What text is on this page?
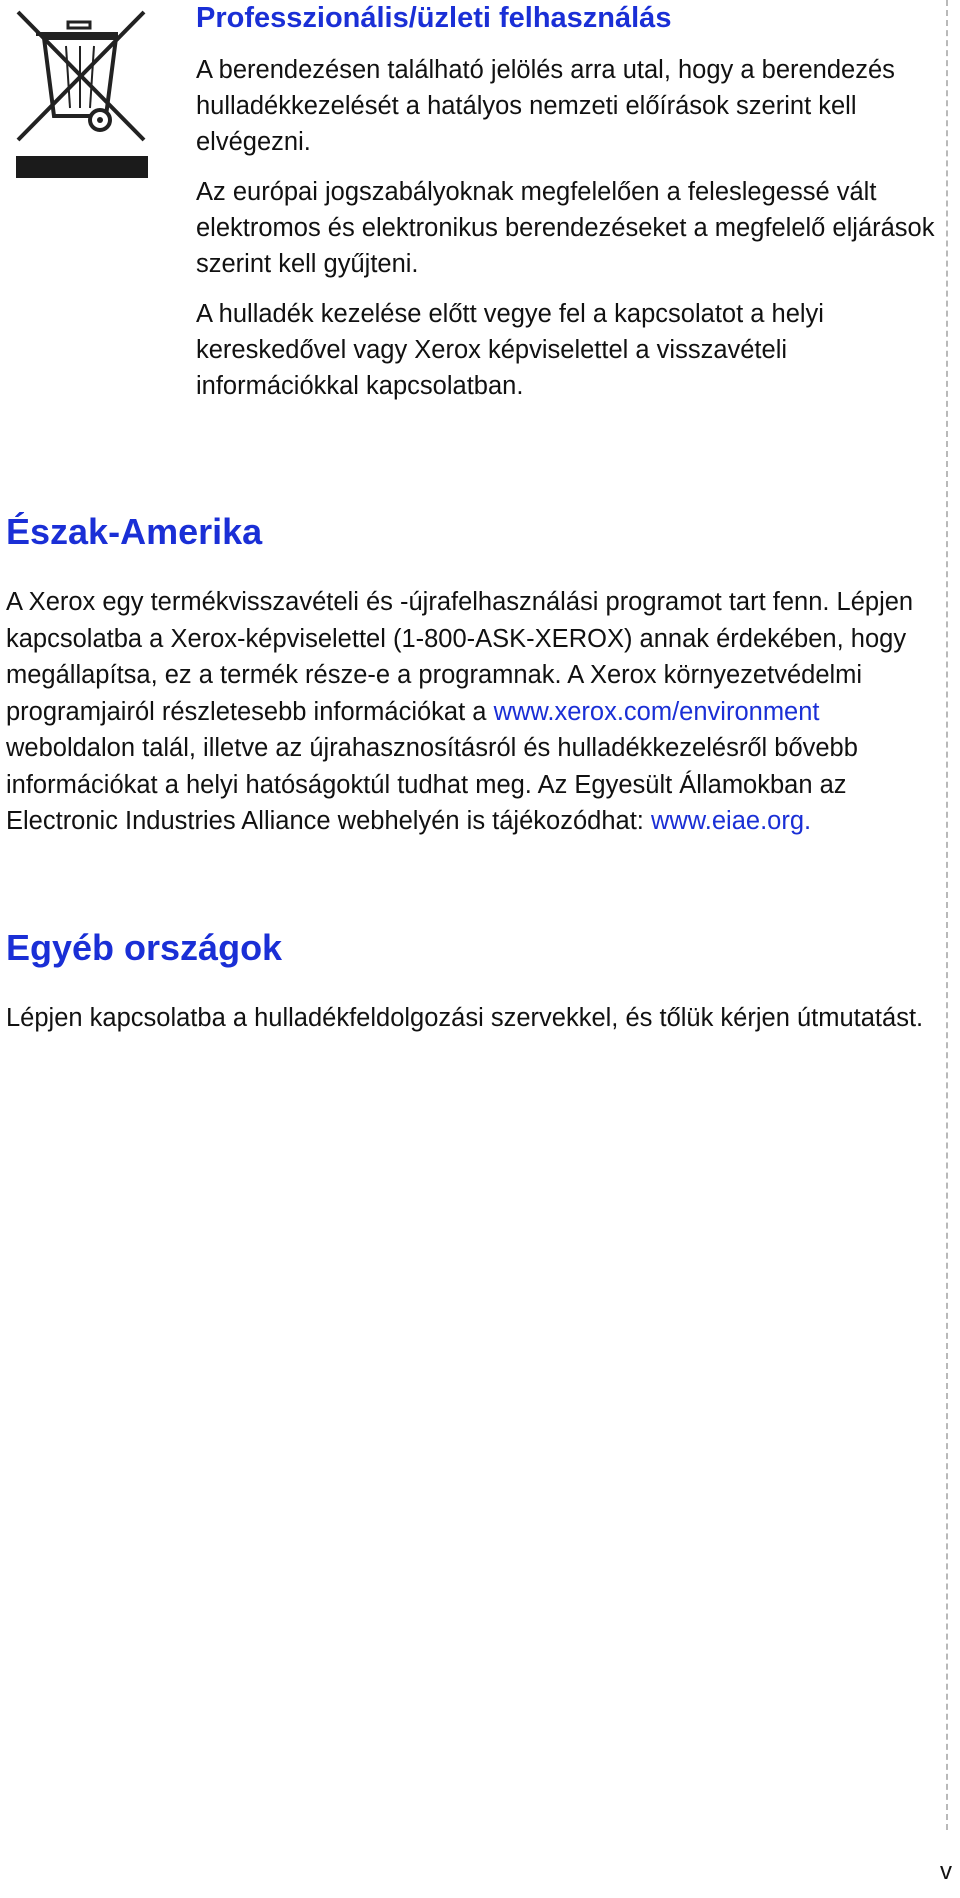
Professzionális/üzleti felhasználás

A berendezésen található jelölés arra utal, hogy a berendezés hulladékkezelését a hatályos nemzeti előírások szerint kell elvégezni.

Az európai jogszabályoknak megfelelően a feleslegessé vált elektromos és elektronikus berendezéseket a megfelelő eljárások szerint kell gyűjteni.

A hulladék kezelése előtt vegye fel a kapcsolatot a helyi kereskedővel vagy Xerox képviselettel a visszavételi információkkal kapcsolatban.

Észak-Amerika

A Xerox egy termékvisszavételi és -újrafelhasználási programot tart fenn. Lépjen kapcsolatba a Xerox-képviselettel (1-800-ASK-XEROX) annak érdekében, hogy megállapítsa, ez a termék része-e a programnak. A Xerox környezetvédelmi programjairól részletesebb információkat a www.xerox.com/environment weboldalon talál, illetve az újrahasznosításról és hulladékkezelésről bővebb információkat a helyi hatóságoktúl tudhat meg. Az Egyesült Államokban az Electronic Industries Alliance webhelyén is tájékozódhat: www.eiae.org.

Egyéb országok

Lépjen kapcsolatba a hulladékfeldolgozási szervekkel, és tőlük kérjen útmutatást.

v
